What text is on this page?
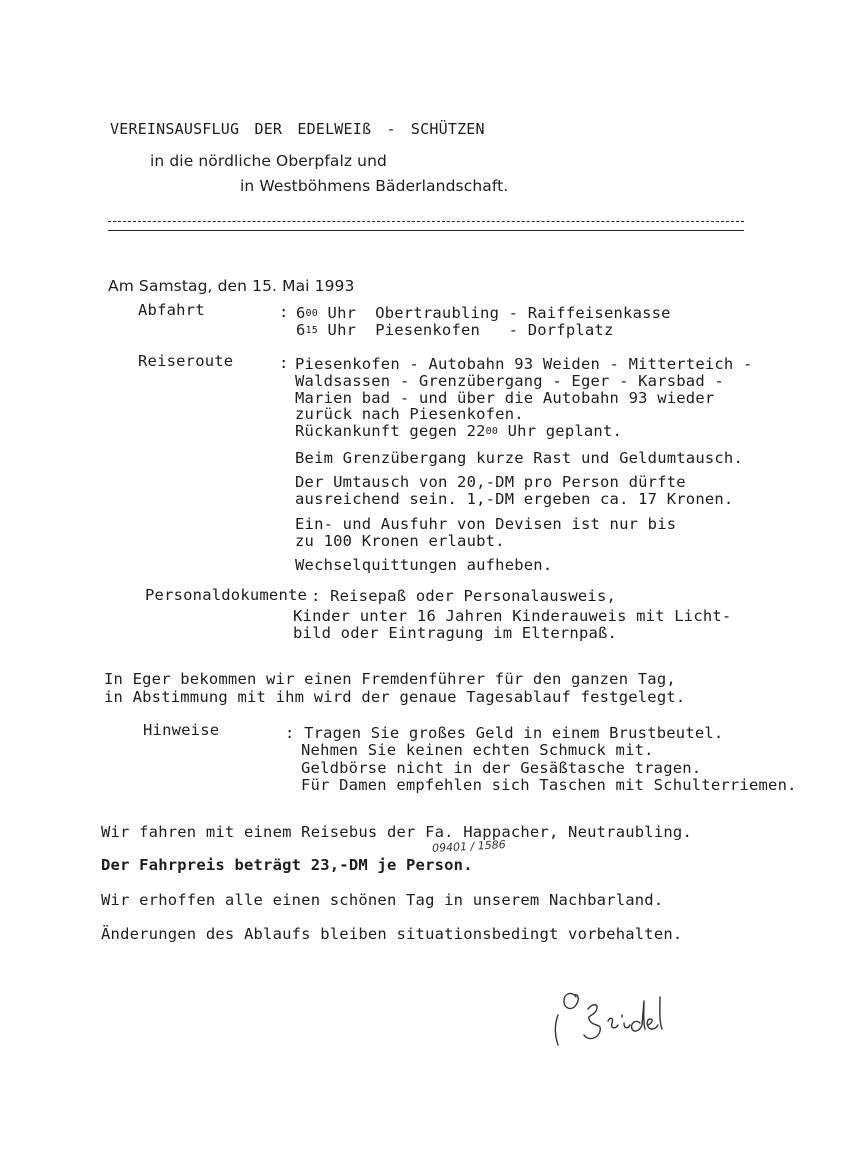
VEREINSAUSFLUG DER EDELWEIß - SCHÜTZEN
in die nördliche Oberpfalz und
in Westböhmens Bäderlandschaft.
Am Samstag, den 15. Mai 1993
Abfahrt	: $6^{00}$ Uhr  Obertraubling - Raiffeisenkasse
$6^{15}$ Uhr  Piesenkofen   - Dorfplatz
Reiseroute	: Piesenkofen - Autobahn 93 Weiden - Mitterteich -
Waldsassen - Grenzübergang - Eger - Karsbad -
Marien bad - und über die Autobahn 93 wieder
zurück nach Piesenkofen.
Rückankunft gegen $22^{00}$ Uhr geplant.
Beim Grenzübergang kurze Rast und Geldumtausch.
Der Umtausch von 20,-DM pro Person dürfte
ausreichend sein. 1,-DM ergeben ca. 17 Kronen.
Ein- und Ausfuhr von Devisen ist nur bis
zu 100 Kronen erlaubt.
Wechselquittungen aufheben.
Personaldokumente : Reisepaß oder Personalausweis,
Kinder unter 16 Jahren Kinderauweis mit Licht-
bild oder Eintragung im Elternpaß.
In Eger bekommen wir einen Fremdenführer für den ganzen Tag,
in Abstimmung mit ihm wird der genaue Tagesablauf festgelegt.
Hinweise	: Tragen Sie großes Geld in einem Brustbeutel.
Nehmen Sie keinen echten Schmuck mit.
Geldbörse nicht in der Gesäßtasche tragen.
Für Damen empfehlen sich Taschen mit Schulterriemen.
Wir fahren mit einem Reisebus der Fa. Happacher, Neutraubling.
09401 / 1586
Der Fahrpreis beträgt 23,-DM je Person.
Wir erhoffen alle einen schönen Tag in unserem Nachbarland.
Änderungen des Ablaufs bleiben situationsbedingt vorbehalten.
